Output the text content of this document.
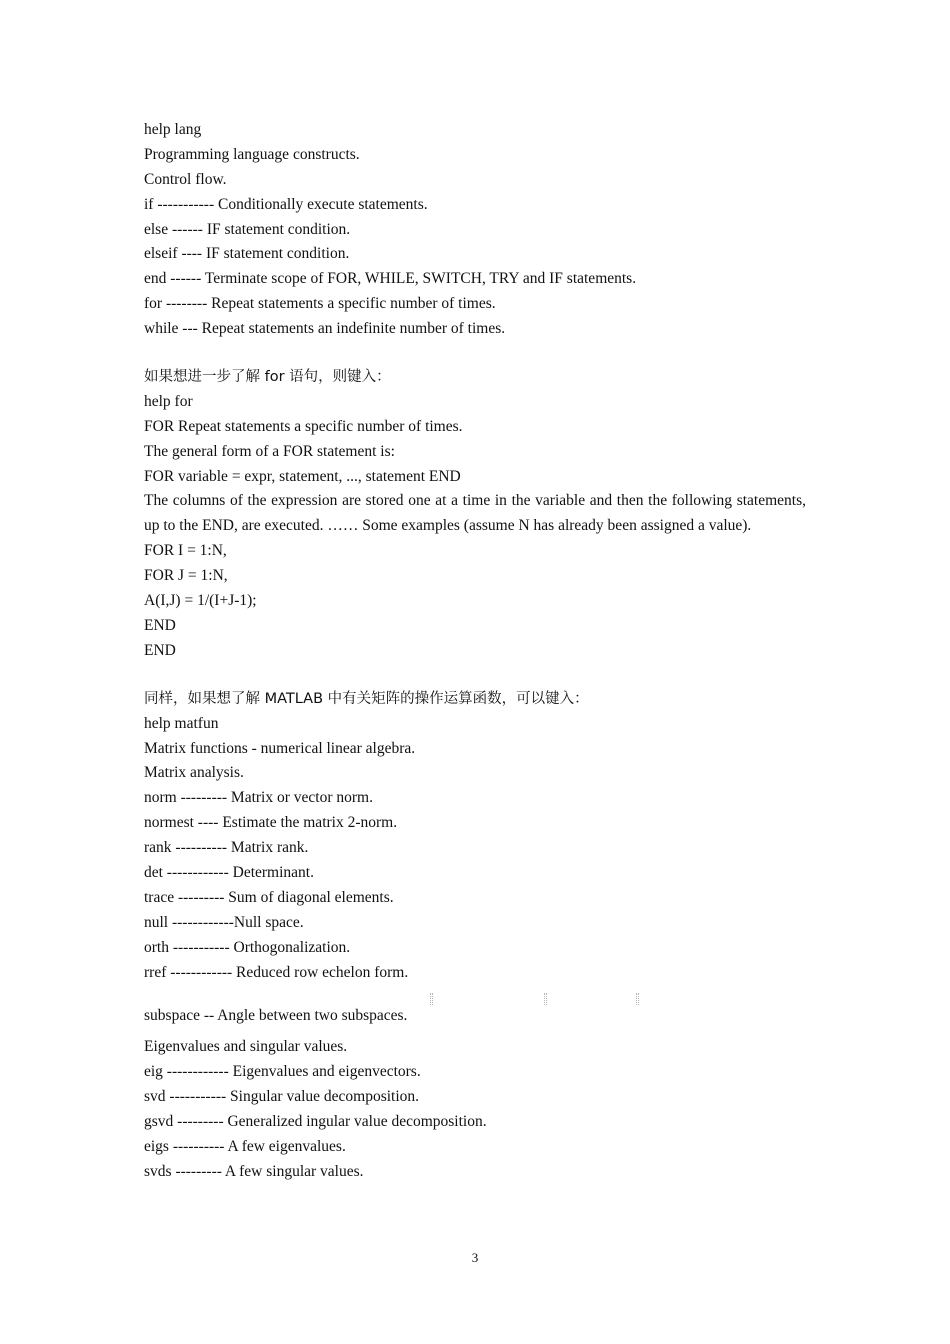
help lang
Programming language constructs.
Control flow.
if ----------- Conditionally execute statements.
else ------ IF statement condition.
elseif ---- IF statement condition.
end ------ Terminate scope of FOR, WHILE, SWITCH, TRY and IF statements.
for -------- Repeat statements a specific number of times.
while --- Repeat statements an indefinite number of times.
如果想进一步了解 for 语句，则键入：
help for
FOR Repeat statements a specific number of times.
The general form of a FOR statement is:
FOR variable = expr, statement, ..., statement END
The columns of the expression are stored one at a time in the variable and then the following statements, up to the END, are executed. …… Some examples (assume N has already been assigned a value).
FOR I = 1:N,
FOR J = 1:N,
A(I,J) = 1/(I+J-1);
END
END
同样，如果想了解 MATLAB 中有关矩阵的操作运算函数，可以键入：
help matfun
Matrix functions - numerical linear algebra.
Matrix analysis.
norm --------- Matrix or vector norm.
normest ---- Estimate the matrix 2-norm.
rank ---------- Matrix rank.
det ------------ Determinant.
trace --------- Sum of diagonal elements.
null ------------Null space.
orth ----------- Orthogonalization.
rref ------------ Reduced row echelon form.
subspace -- Angle between two subspaces.
Eigenvalues and singular values.
eig ------------ Eigenvalues and eigenvectors.
svd ----------- Singular value decomposition.
gsvd --------- Generalized ingular value decomposition.
eigs ---------- A few eigenvalues.
svds --------- A few singular values.
3
